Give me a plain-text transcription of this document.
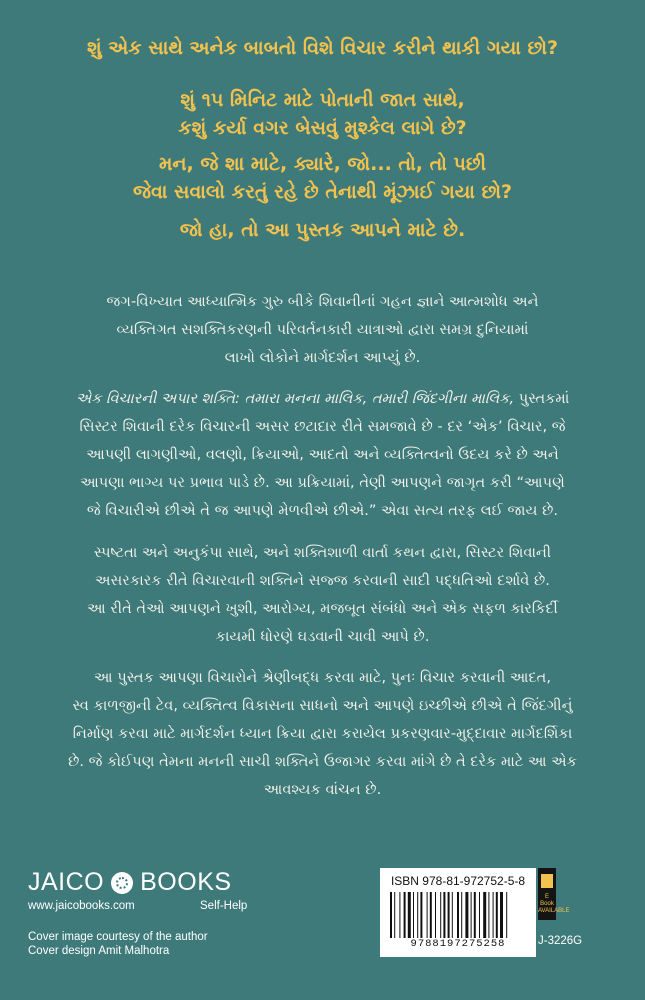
શું એક સાથે અનેક બાબતો વિશે વિચાર કરીને થાકી ગયા છો?

શું ૧૫ મિનિટ માટે પોતાની જાત સાથે,

કશું કર્યા વગર બેસવું મુશ્કેલ લાગે છે?

મન, જે શા માટે, ક્યારે, જો... તો, તો પછી

જેવા સવાલો કરતું રહે છે તેનાથી મૂંઝાઈ ગયા છો?

જો હા, તો આ પુસ્તક આપને માટે છે.

જગ-વિખ્યાત આધ્યાત્મિક ગુરુ બીકે શિવાનીનાં ગહન જ્ઞાને આત્મશોધ અને

વ્યક્તિગત સશક્તિકરણની પરિવર્તનકારી યાત્રાઓ દ્વારા સમગ્ર દુનિયામાં

લાખો લોકોને માર્ગદર્શન આપ્યું છે.

એક વિચારની અપાર શક્તિ: તમારા મનના માલિક, તમારી જિંદગીના માલિક, પુસ્તકમાં

સિસ્ટર શિવાની દરેક વિચારની અસર છટાદાર રીતે સમજાવે છે - દર ‘એક’ વિચાર, જે

આપણી લાગણીઓ, વલણો, ક્રિયાઓ, આદતો અને વ્યક્તિત્વનો ઉદય કરે છે અને

આપણા ભાગ્ય પર પ્રભાવ પાડે છે. આ પ્રક્રિયામાં, તેણી આપણને જાગૃત કરી “આપણે

જે વિચારીએ છીએ તે જ આપણે મેળવીએ છીએ.” એવા સત્ય તરફ લઈ જાય છે.

સ્પષ્ટતા અને અનુકંપા સાથે, અને શક્તિશાળી વાર્તા કથન દ્વારા, સિસ્ટર શિવાની

અસરકારક રીતે વિચારવાની શક્તિને સજ્જ કરવાની સાદી પદ્ધતિઓ દર્શાવે છે.

આ રીતે તેઓ આપણને ખુશી, આરોગ્ય, મજબૂત સંબંધો અને એક સફળ કારકિર્દી

કાયમી ધોરણે ઘડવાની ચાવી આપે છે.

આ પુસ્તક આપણા વિચારોને શ્રેણીબદ્ધ કરવા માટે, પુનઃ વિચાર કરવાની આદત,

સ્વ કાળજીની ટેવ, વ્યક્તિત્વ વિકાસના સાધનો અને આપણે ઇચ્છીએ છીએ તે જિંદગીનું

નિર્માણ કરવા માટે માર્ગદર્શન ધ્યાન ક્રિયા દ્વારા કરાયેલ પ્રકરણવાર-મુદ્દાવાર માર્ગદર્શિકા

છે. જે કોઈપણ તેમના મનની સાચી શક્તિને ઉજાગર કરવા માંગે છે તે દરેક માટે આ એક

આવશ્યક વાંચન છે.

JAICO BOOKS

www.jaicobooks.com	Self-Help

Cover image courtesy of the author

Cover design Amit Malhotra

ISBN 978-81-972752-5-8
9788197275258
E Book AVAILABLE
J-3226G
